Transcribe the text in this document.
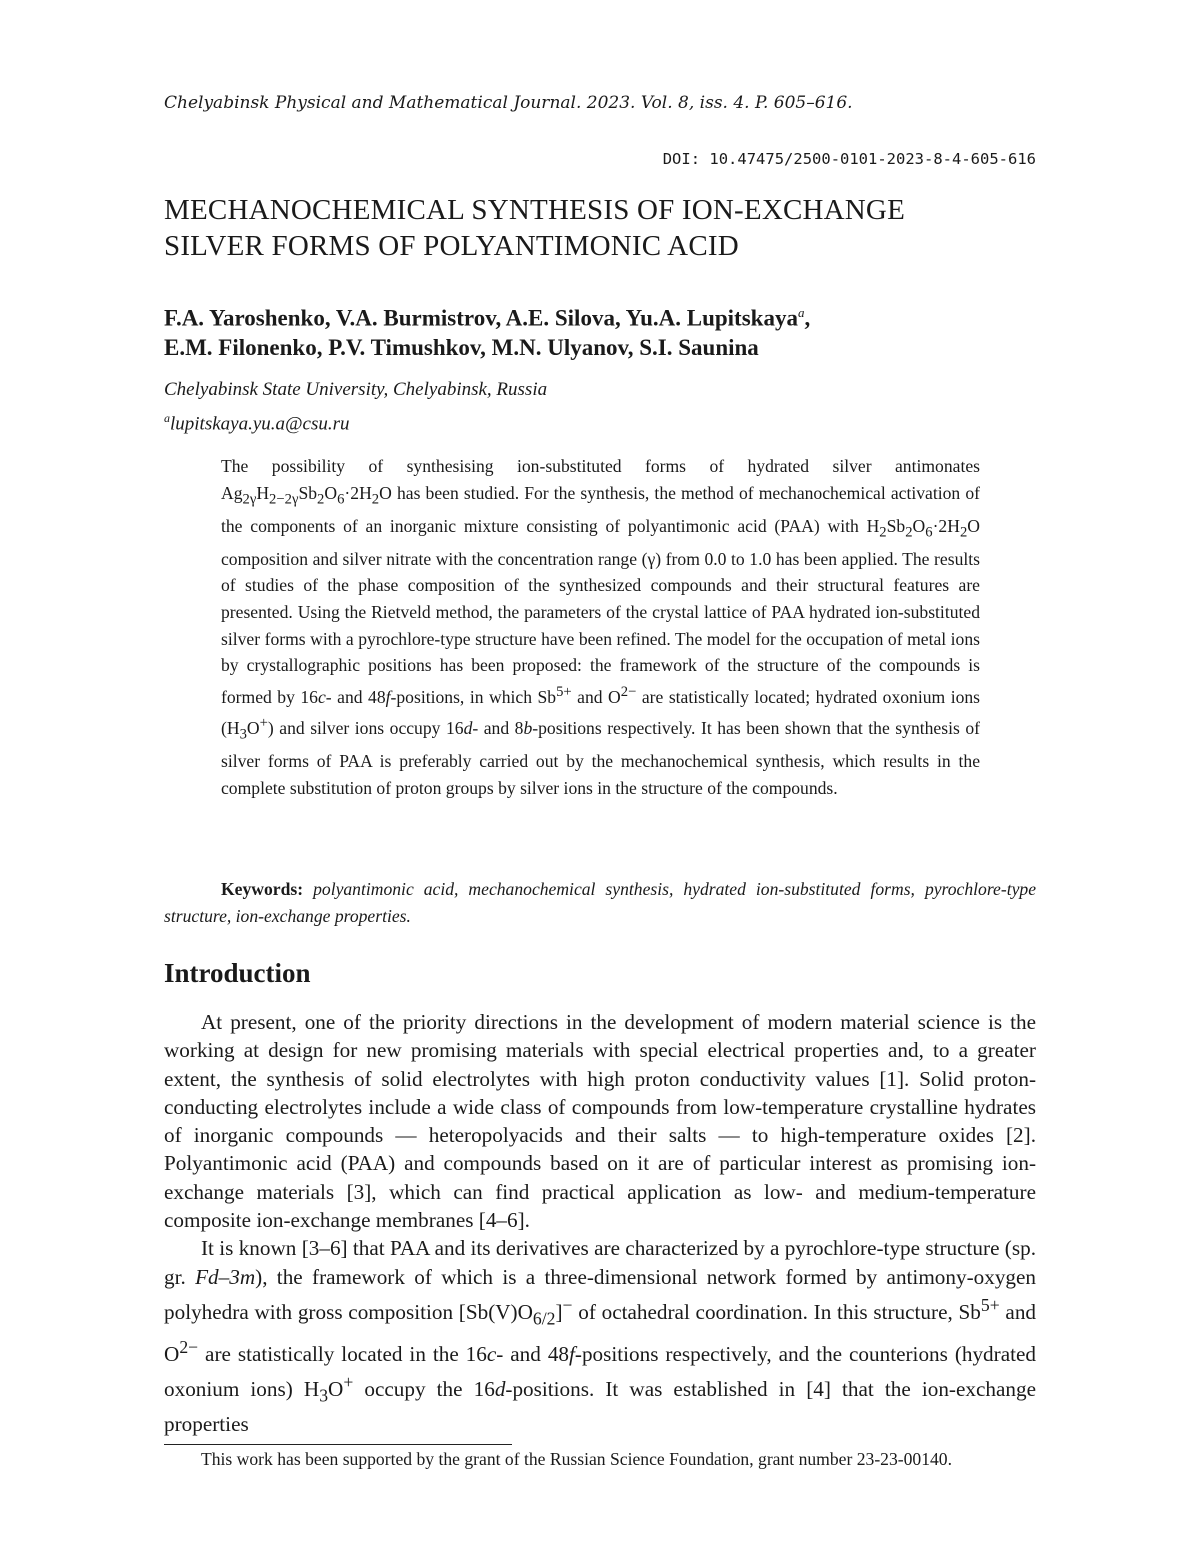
Chelyabinsk Physical and Mathematical Journal. 2023. Vol. 8, iss. 4. P. 605–616.
DOI: 10.47475/2500-0101-2023-8-4-605-616
MECHANOCHEMICAL SYNTHESIS OF ION-EXCHANGE
SILVER FORMS OF POLYANTIMONIC ACID
F.A. Yaroshenko, V.A. Burmistrov, A.E. Silova, Yu.A. Lupitskayaa,
E.M. Filonenko, P.V. Timushkov, M.N. Ulyanov, S.I. Saunina
Chelyabinsk State University, Chelyabinsk, Russia
alupitskaya.yu.a@csu.ru
The possibility of synthesising ion-substituted forms of hydrated silver antimonates Ag2γH2−2γSb2O6·2H2O has been studied. For the synthesis, the method of mechanochemical activation of the components of an inorganic mixture consisting of polyantimonic acid (PAA) with H2Sb2O6·2H2O composition and silver nitrate with the concentration range (γ) from 0.0 to 1.0 has been applied. The results of studies of the phase composition of the synthesized compounds and their structural features are presented. Using the Rietveld method, the parameters of the crystal lattice of PAA hydrated ion-substituted silver forms with a pyrochlore-type structure have been refined. The model for the occupation of metal ions by crystallographic positions has been proposed: the framework of the structure of the compounds is formed by 16c- and 48f-positions, in which Sb5+ and O2− are statistically located; hydrated oxonium ions (H3O+) and silver ions occupy 16d- and 8b-positions respectively. It has been shown that the synthesis of silver forms of PAA is preferably carried out by the mechanochemical synthesis, which results in the complete substitution of proton groups by silver ions in the structure of the compounds.
Keywords: polyantimonic acid, mechanochemical synthesis, hydrated ion-substituted forms, pyrochlore-type structure, ion-exchange properties.
Introduction

At present, one of the priority directions in the development of modern material science is the working at design for new promising materials with special electrical properties and, to a greater extent, the synthesis of solid electrolytes with high proton conductivity values [1]. Solid proton-conducting electrolytes include a wide class of compounds from low-temperature crystalline hydrates of inorganic compounds — heteropolyacids and their salts — to high-temperature oxides [2]. Polyantimonic acid (PAA) and compounds based on it are of particular interest as promising ion-exchange materials [3], which can find practical application as low- and medium-temperature composite ion-exchange membranes [4–6].

It is known [3–6] that PAA and its derivatives are characterized by a pyrochlore-type structure (sp. gr. Fd–3m), the framework of which is a three-dimensional network formed by antimony-oxygen polyhedra with gross composition [Sb(V)O6/2]− of octahedral coordination. In this structure, Sb5+ and O2− are statistically located in the 16c- and 48f-positions respectively, and the counterions (hydrated oxonium ions) H3O+ occupy the 16d-positions. It was established in [4] that the ion-exchange properties

This work has been supported by the grant of the Russian Science Foundation, grant number 23-23-00140.
